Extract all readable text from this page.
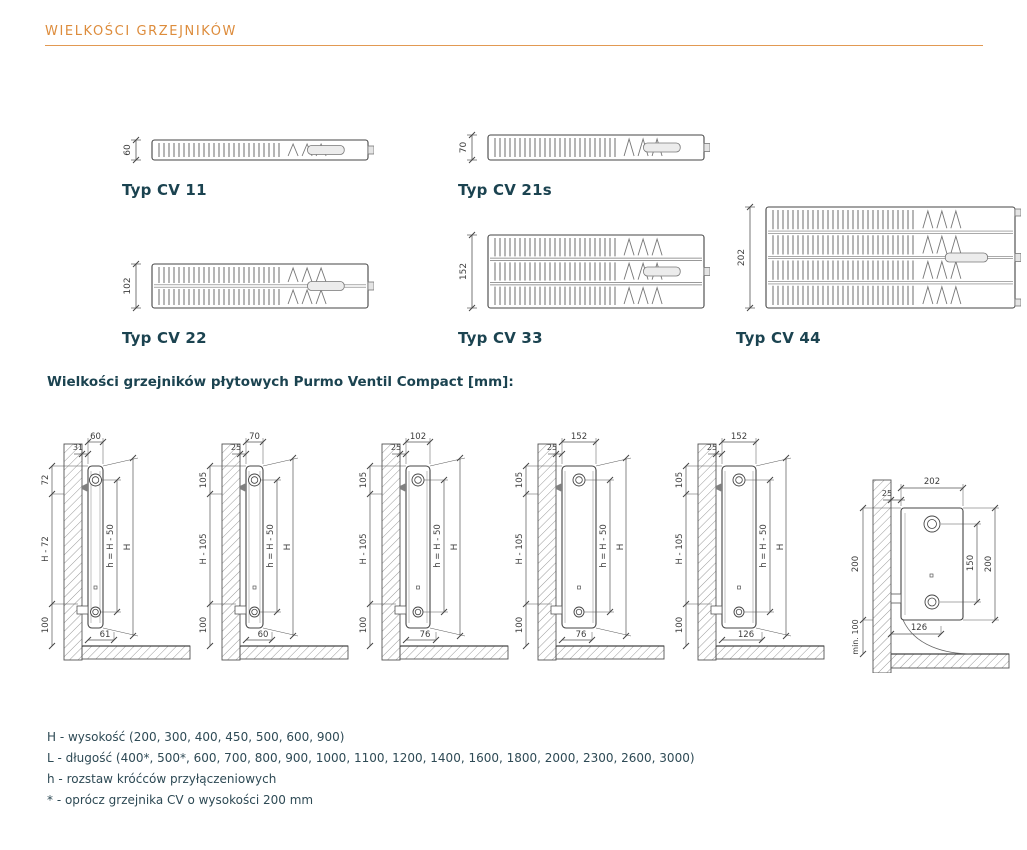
WIELKOŚCI GRZEJNIKÓW
60
Typ CV 11
70
Typ CV 21s
102
Typ CV 22
152
Typ CV 33
202
Typ CV 44
Wielkości grzejników płytowych Purmo Ventil Compact [mm]:
60
31
72
H - 72
100
h = H - 50 H
61
70
25
105
H - 105
100
h = H - 50 H
60
102
25
105
H - 105
100
h = H - 50 H
76
152
25
105
H - 105
100
h = H - 50 H
76
152
25
105
H - 105
100
h = H - 50 H
126
202
25
150 200
200
min. 100	126

H - wysokość (200, 300, 400, 450, 500, 600, 900)

L - długość (400*, 500*, 600, 700, 800, 900, 1000, 1100, 1200, 1400, 1600, 1800, 2000, 2300, 2600, 3000)

h - rozstaw króćców przyłączeniowych

* - oprócz grzejnika CV o wysokości 200 mm
